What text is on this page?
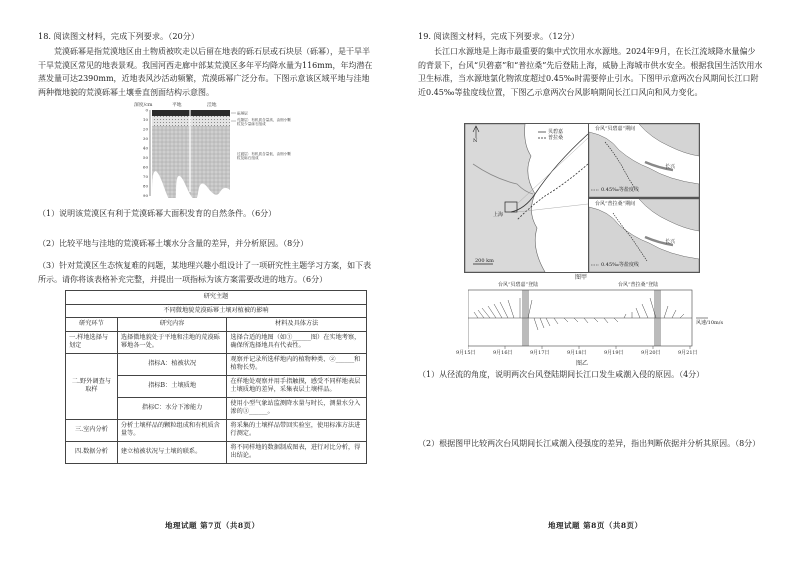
18. 阅读图文材料，完成下列要求。（20分）
荒漠砾幂是指荒漠地区由土物质被吹走以后留在地表的砾石层或石块层（砾幂），是干旱半干旱荒漠区常见的地表景观。我国河西走廊中部某荒漠区多年平均降水量为116mm，年均潜在蒸发量可达2390mm，近地表风沙活动频繁，荒漠砾幂广泛分布。下图示意该区域平地与洼地两种微地貌的荒漠砾幂土壤垂直剖面结构示意图。
深度/cm	平地	洼地
0
10
20
30
40
50
60
70
80
90
砾幂层
孔隙层：有机质含量高，由细小颗粒及少量砾石组成
过渡层：有机质含量低，由细小颗粒及砾石组成
（1）说明该荒漠区有利于荒漠砾幂大面积发育的自然条件。（6分）
（2）比较平地与洼地的荒漠砾幂土壤水分含量的差异，并分析原因。（8分）
（3）针对荒漠区生态恢复难的问题，某地理兴趣小组设计了一项研究性主题学习方案，如下表所示。请你将该表格补充完整，并提出一项指标为该方案需要改进的地方。（6分）
研究主题		
不同微地貌荒漠砾幂土壤对植被的影响		
研究环节	研究内容	材料及具体方法
一.样地选择与划定	选择微地貌处于平地和洼地的荒漠砾幂地各一处。	选择合适的地图（如①______图）在实地考察，确保所选择地具有代表性。
二.野外调查与取样	指标A：植被状况	观察并记录所选样地内的植物种类、②______和植物长势。
	指标B：土壤质地	在样地处观察并用手指触摸，感受不同样地表层土壤质地的差异，采集表层土壤样品。
	指标C：水分下渗能力	使用小型气象站监测降水量与时长，测量水分入渗的③______。
三.室内分析	分析土壤样品的颗粒组成和有机质含量等。	将采集的土壤样品带回实验室，使用标准方法进行测定。
四.数据分析	建立植被状况与土壤的联系。	将不同样地的数据制成图表，进行对比分析，得出结论。
地理试题 第7页（共8页）
19. 阅读图文材料，完成下列要求。（12分）
长江口水源地是上海市最重要的集中式饮用水水源地。2024年9月，在长江流域降水量偏少的背景下，台风“贝碧嘉”和“普拉桑”先后登陆上海，威胁上海城市供水安全。根据我国生活饮用水卫生标准，当水源地氯化物浓度超过0.45‰时需要停止引水。下图甲示意两次台风期间长江口附近0.45‰等盐度线位置，下图乙示意两次台风影响期间长江口风向和风力变化。
N
贝碧嘉
普拉桑
上海
200 km
台风“贝碧嘉”期间
长兴
0.45‰等盐度线
台风“普拉桑”期间
长兴
0.45‰等盐度线
图甲
台风“贝碧嘉”登陆	台风“普拉桑”登陆
风速/10m/s
9月15日	9月16日	9月17日	9月18日	9月19日	9月20日	9月21日
图乙
（1）从径流的角度，说明两次台风登陆期间长江口发生咸潮入侵的原因。（4分）
（2）根据图甲比较两次台风期间长江咸潮入侵强度的差异，指出判断依据并分析其原因。（8分）
地理试题 第8页（共8页）
